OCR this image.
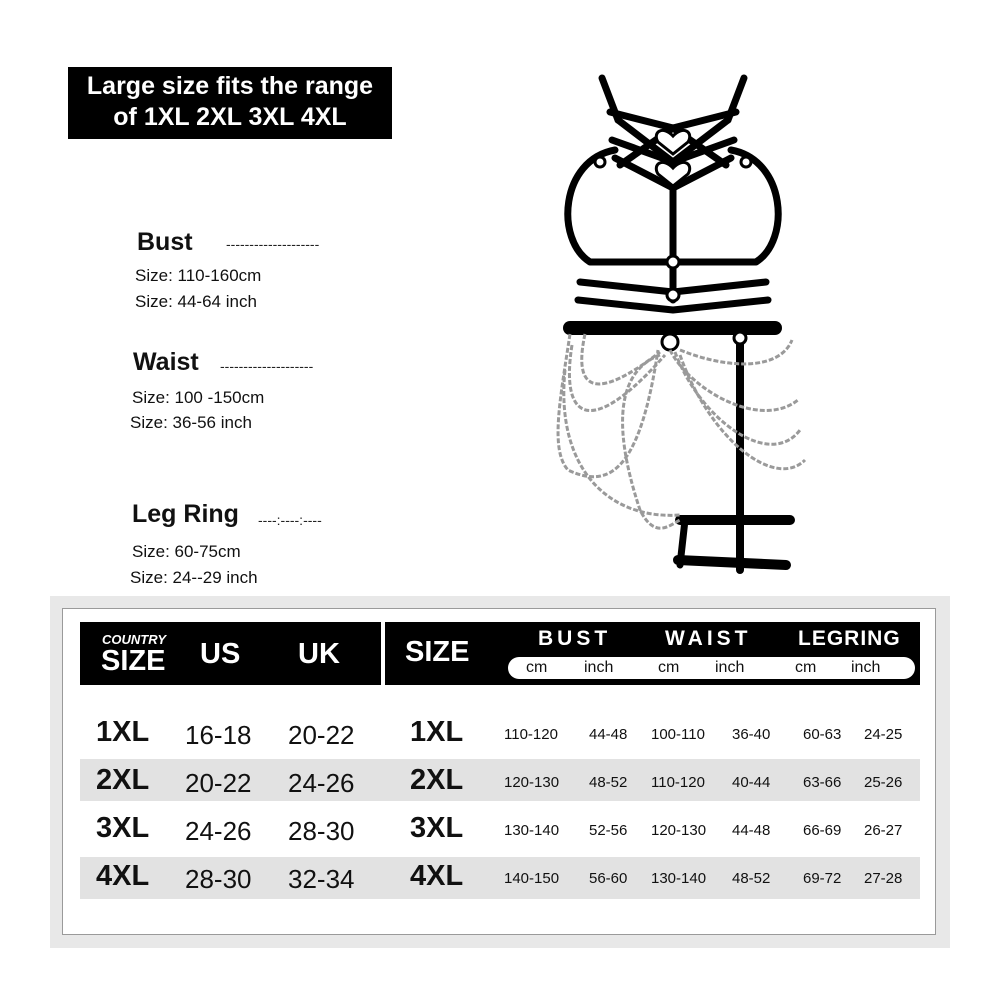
Large size fits the range
of 1XL 2XL 3XL 4XL
Bust --------------------
Size: 110-160cm
Size: 44-64 inch
Waist --------------------
Size: 100 -150cm
Size: 36-56 inch
Leg Ring ----:----:----
Size: 60-75cm
Size: 24--29 inch
COUNTRY
SIZE US UK SIZE	BUST	WAIST LEGRING
cm inch	cm inch	cm inch
1XL 16-18 20-22 1XL	110-120 44-48 100-110 36-40 60-63 24-25
2XL 20-22 24-26 2XL	120-130 48-52 110-120 40-44 63-66 25-26
3XL 24-26 28-30 3XL	130-140 52-56 120-130 44-48 66-69 26-27
4XL 28-30 32-34 4XL	140-150 56-60 130-140 48-52 69-72 27-28
